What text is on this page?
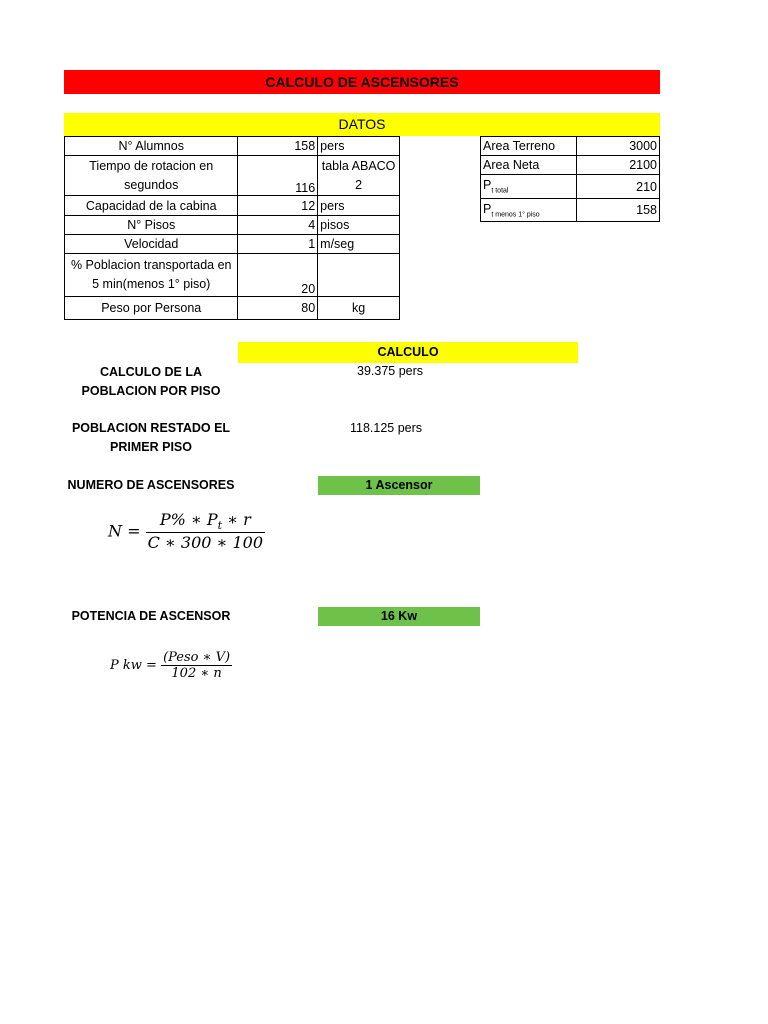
CALCULO DE ASCENSORES
DATOS
N° Alumnos	158	pers
Tiempo de rotacion en segundos	116	tabla ABACO
2

Capacidad de la cabina	12	pers
N° Pisos	4	pisos
Velocidad	1	m/seg
% Poblacion transportada en 5 min(menos 1° piso)	20	
Peso por Persona	80	kg
Area Terreno	3000
Area Neta	2100
$P_{t total}$	210
$P_{t menos 1^\circ piso}$	158
CALCULO
CALCULO DE LA POBLACION POR PISO
39.375 pers
POBLACION RESTADO EL PRIMER PISO
118.125 pers
NUMERO DE ASCENSORES	1 Ascensor
$N = \frac{P\% ∗ P_t ∗ r}{C ∗ 300 ∗ 100}$
POTENCIA DE ASCENSOR	16 Kw
P kw = $\frac{\text{(Peso ∗ V)}}{102 ∗ n}$
